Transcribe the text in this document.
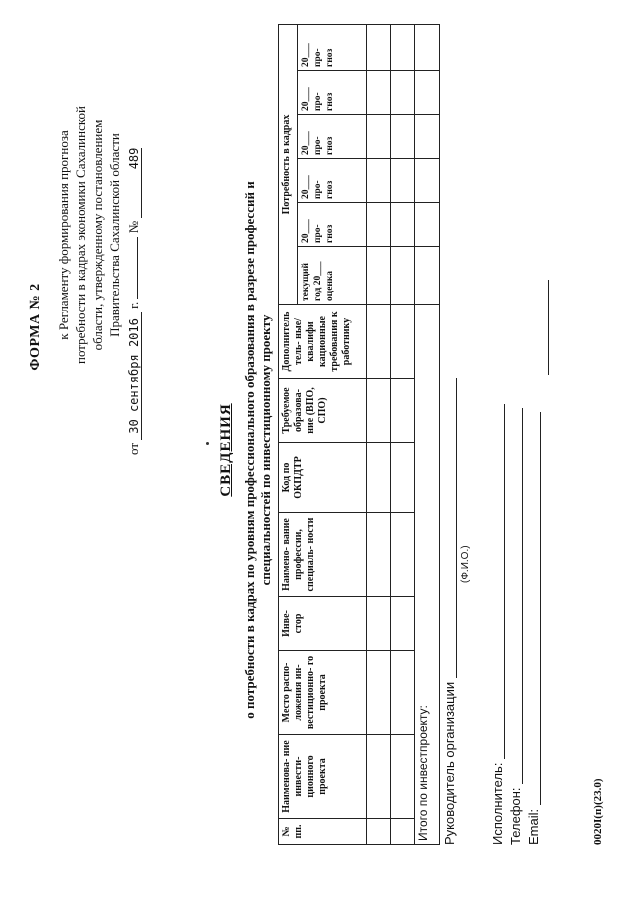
ФОРМА № 2 к Регламенту формирования прогноза потребности в кадрах экономики Сахалинской области, утвержденному постановлением Правительства Сахалинской области
от 30 сентября 2016 г.  № 489
СВЕДЕНИЯ о потребности в кадрах по уровням профессионального образования в разрезе профессий и специальностей по инвестиционному проекту
№ пп.	Наименова- ние инвести- ционного проекта	Место распо- ложения ин- вестиционно- го проекта	Инве- стор	Наимено- вание профессии, специаль- ности	Код по ОКПДТР	Требуемое образова- ние (ВПО, СПО)	Дополнитель тель- ные/квалифи кационные требования к работнику	Потребность в кадрах					
								текущий год 20___ оценка	20___ про- гноз	20___ про- гноз	20___ про- гноз	20___ про- гноз	20___ про- гноз

Итого по инвестпроекту:													Руководитель организации
(Ф.И.О.)
Исполнитель: Телефон: Email:	0020I(п)(23.0)
